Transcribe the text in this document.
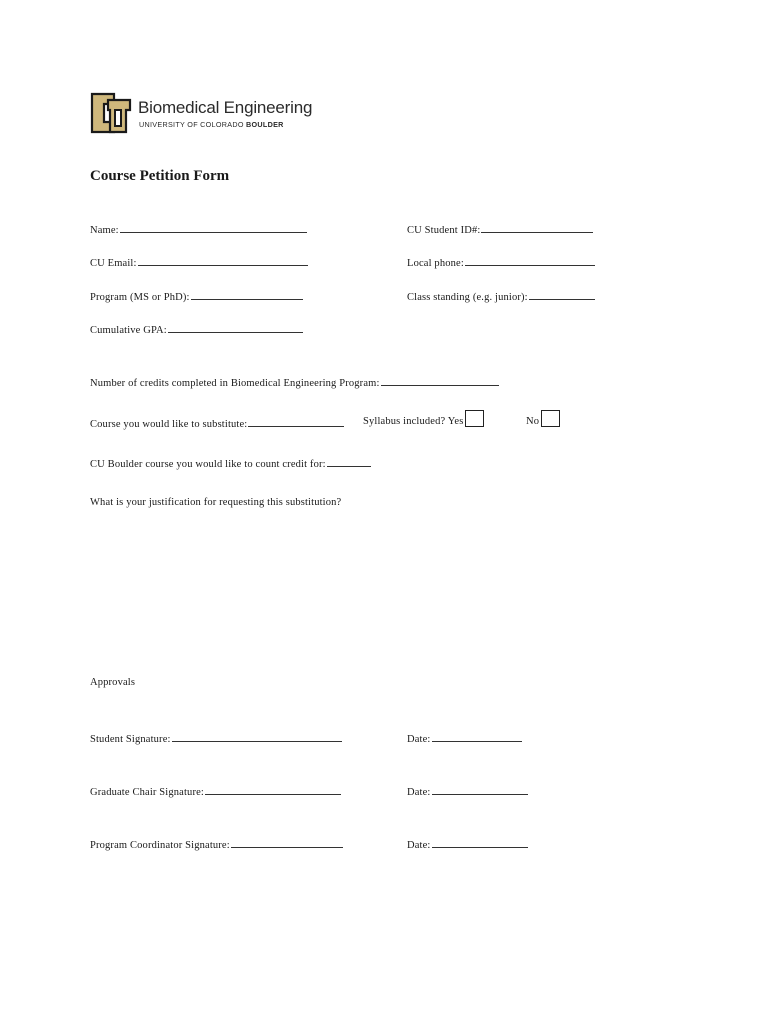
Biomedical Engineering
UNIVERSITY OF COLORADO BOULDER
Course Petition Form
Name:	CU Student ID#:
CU Email:	Local phone:
Program (MS or PhD):	Class standing (e.g. junior):
Cumulative GPA:
Number of credits completed in Biomedical Engineering Program:
Course you would like to substitute:	Syllabus included? Yes	No
CU Boulder course you would like to count credit for:
What is your justification for requesting this substitution?
Approvals
Student Signature:	Date:
Graduate Chair Signature:	Date:
Program Coordinator Signature:	Date:
